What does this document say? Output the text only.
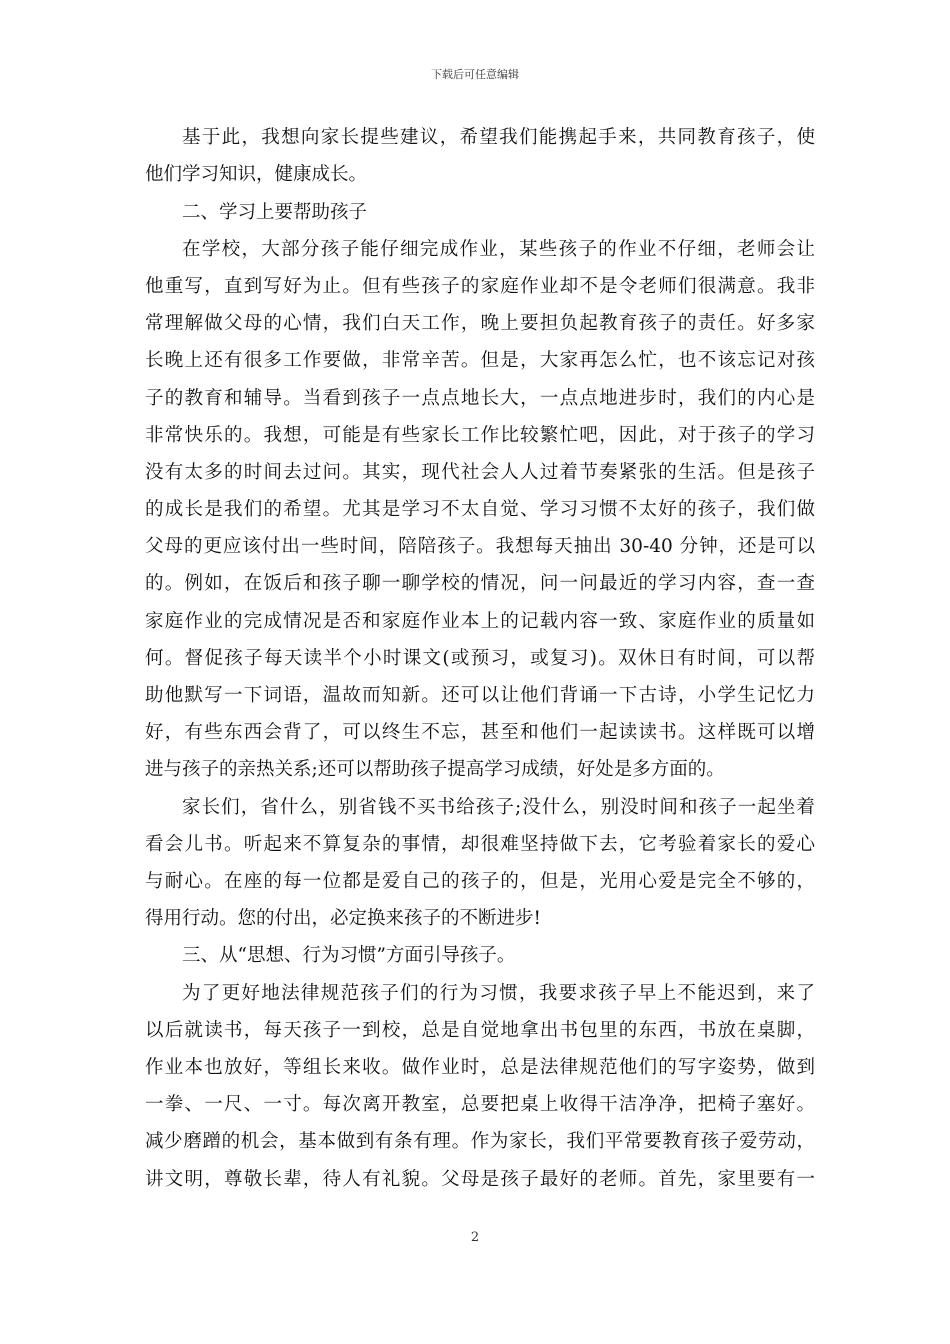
下载后可任意编辑
基于此，我想向家长提些建议，希望我们能携起手来，共同教育孩子，使
他们学习知识，健康成长。
二、学习上要帮助孩子
在学校，大部分孩子能仔细完成作业，某些孩子的作业不仔细，老师会让
他重写，直到写好为止。但有些孩子的家庭作业却不是令老师们很满意。我非
常理解做父母的心情，我们白天工作，晚上要担负起教育孩子的责任。好多家
长晚上还有很多工作要做，非常辛苦。但是，大家再怎么忙，也不该忘记对孩
子的教育和辅导。当看到孩子一点点地长大，一点点地进步时，我们的内心是
非常快乐的。我想，可能是有些家长工作比较繁忙吧，因此，对于孩子的学习
没有太多的时间去过问。其实，现代社会人人过着节奏紧张的生活。但是孩子
的成长是我们的希望。尤其是学习不太自觉、学习习惯不太好的孩子，我们做
父母的更应该付出一些时间，陪陪孩子。我想每天抽出 30-40 分钟，还是可以
的。例如，在饭后和孩子聊一聊学校的情况，问一问最近的学习内容，查一查
家庭作业的完成情况是否和家庭作业本上的记载内容一致、家庭作业的质量如
何。督促孩子每天读半个小时课文(或预习，或复习)。双休日有时间，可以帮
助他默写一下词语，温故而知新。还可以让他们背诵一下古诗，小学生记忆力
好，有些东西会背了，可以终生不忘，甚至和他们一起读读书。这样既可以增
进与孩子的亲热关系;还可以帮助孩子提高学习成绩，好处是多方面的。
家长们，省什么，别省钱不买书给孩子;没什么，别没时间和孩子一起坐着
看会儿书。听起来不算复杂的事情，却很难坚持做下去，它考验着家长的爱心
与耐心。在座的每一位都是爱自己的孩子的，但是，光用心爱是完全不够的，
得用行动。您的付出，必定换来孩子的不断进步!
三、从“思想、行为习惯”方面引导孩子。
为了更好地法律规范孩子们的行为习惯，我要求孩子早上不能迟到，来了
以后就读书，每天孩子一到校，总是自觉地拿出书包里的东西，书放在桌脚，
作业本也放好，等组长来收。做作业时，总是法律规范他们的写字姿势，做到
一拳、一尺、一寸。每次离开教室，总要把桌上收得干洁净净，把椅子塞好。
减少磨蹭的机会，基本做到有条有理。作为家长，我们平常要教育孩子爱劳动，
讲文明，尊敬长辈，待人有礼貌。父母是孩子最好的老师。首先，家里要有一
2
